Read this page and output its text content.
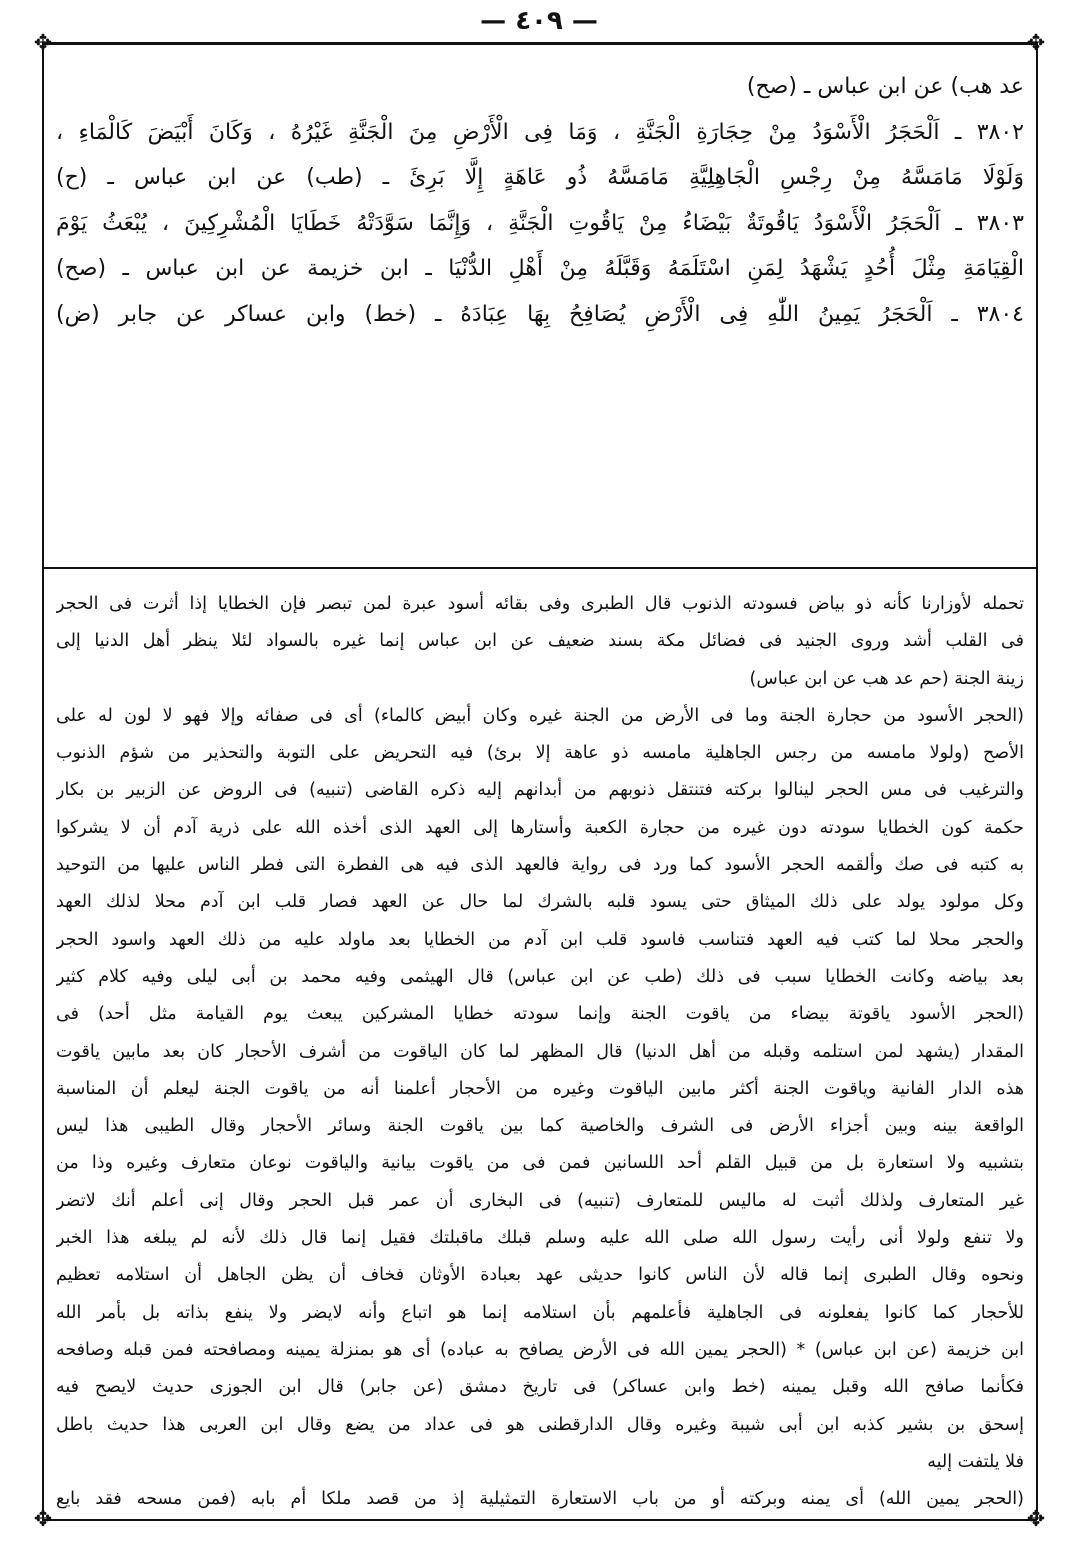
— ٤٠٩ —
✥	✥
✥	✥
عد هب) عن ابن عباس ـ (صح)
٣٨٠٢ ـ اَلْحَجَرُ الْأَسْوَدُ مِنْ حِجَارَةِ الْجَنَّةِ ، وَمَا فِى الْأَرْضِ مِنَ الْجَنَّةِ غَيْرُهُ ، وَكَانَ أَبْيَضَ كَالْمَاءِ ،
وَلَوْلَا مَامَسَّهُ مِنْ رِجْسِ الْجَاهِلِيَّةِ مَامَسَّهُ ذُو عَاهَةٍ إِلَّا بَرِئَ ـ (طب) عن ابن عباس ـ (ح)
٣٨٠٣ ـ اَلْحَجَرُ الْأَسْوَدُ يَاقُوتَةٌ بَيْضَاءُ مِنْ يَاقُوتِ الْجَنَّةِ ، وَإِنَّمَا سَوَّدَتْهُ خَطَايَا الْمُشْرِكِينَ ، يُبْعَثُ يَوْمَ
الْقِيَامَةِ مِثْلَ أُحُدٍ يَشْهَدُ لِمَنِ اسْتَلَمَهُ وَقَبَّلَهُ مِنْ أَهْلِ الدُّنْيَا ـ ابن خزيمة عن ابن عباس ـ (صح)
٣٨٠٤ ـ اَلْحَجَرُ يَمِينُ اللّٰهِ فِى الْأَرْضِ يُصَافِحُ بِهَا عِبَادَهُ ـ (خط) وابن عساكر عن جابر (ض)
تحمله لأوزارنا كأنه ذو بياض فسودته الذنوب قال الطبرى وفى بقائه أسود عبرة لمن تبصر فإن الخطايا إذا أثرت فى الحجر
فى القلب أشد وروى الجنيد فى فضائل مكة بسند ضعيف عن ابن عباس إنما غيره بالسواد لئلا ينظر أهل الدنيا إلى
زينة الجنة (حم عد هب عن ابن عباس)
(الحجر الأسود من حجارة الجنة وما فى الأرض من الجنة غيره وكان أبيض كالماء) أى فى صفائه وإلا فهو لا لون له على
الأصح (ولولا مامسه من رجس الجاهلية مامسه ذو عاهة إلا برئ) فيه التحريض على التوبة والتحذير من شؤم الذنوب
والترغيب فى مس الحجر لينالوا بركته فتنتقل ذنوبهم من أبدانهم إليه ذكره القاضى (تنبيه) فى الروض عن الزبير بن بكار
حكمة كون الخطايا سودته دون غيره من حجارة الكعبة وأستارها إلى العهد الذى أخذه الله على ذرية آدم أن لا يشركوا
به كتبه فى صك وألقمه الحجر الأسود كما ورد فى رواية فالعهد الذى فيه هى الفطرة التى فطر الناس عليها من التوحيد
وكل مولود يولد على ذلك الميثاق حتى يسود قلبه بالشرك لما حال عن العهد فصار قلب ابن آدم محلا لذلك العهد
والحجر محلا لما كتب فيه العهد فتناسب فاسود قلب ابن آدم من الخطايا بعد ماولد عليه من ذلك العهد واسود الحجر
بعد بياضه وكانت الخطايا سبب فى ذلك (طب عن ابن عباس) قال الهيثمى وفيه محمد بن أبى ليلى وفيه كلام كثير
(الحجر الأسود ياقوتة بيضاء من ياقوت الجنة وإنما سودته خطايا المشركين يبعث يوم القيامة مثل أحد) فى
المقدار (يشهد لمن استلمه وقبله من أهل الدنيا) قال المظهر لما كان الياقوت من أشرف الأحجار كان بعد مابين ياقوت
هذه الدار الفانية وياقوت الجنة أكثر مابين الياقوت وغيره من الأحجار أعلمنا أنه من ياقوت الجنة ليعلم أن المناسبة
الواقعة بينه وبين أجزاء الأرض فى الشرف والخاصية كما بين ياقوت الجنة وسائر الأحجار وقال الطيبى هذا ليس
بتشبيه ولا استعارة بل من قبيل القلم أحد اللسانين فمن فى من ياقوت بيانية والياقوت نوعان متعارف وغيره وذا من
غير المتعارف ولذلك أثبت له ماليس للمتعارف (تنبيه) فى البخارى أن عمر قبل الحجر وقال إنى أعلم أنك لاتضر
ولا تنفع ولولا أنى رأيت رسول الله صلى الله عليه وسلم قبلك ماقبلتك فقيل إنما قال ذلك لأنه لم يبلغه هذا الخبر
ونحوه وقال الطبرى إنما قاله لأن الناس كانوا حديثى عهد بعبادة الأوثان فخاف أن يظن الجاهل أن استلامه تعظيم
للأحجار كما كانوا يفعلونه فى الجاهلية فأعلمهم بأن استلامه إنما هو اتباع وأنه لايضر ولا ينفع بذاته بل بأمر الله
ابن خزيمة (عن ابن عباس) * (الحجر يمين الله فى الأرض يصافح به عباده) أى هو بمنزلة يمينه ومصافحته فمن قبله وصافحه
فكأنما صافح الله وقبل يمينه (خط وابن عساكر) فى تاريخ دمشق (عن جابر) قال ابن الجوزى حديث لايصح فيه
إسحق بن بشير كذبه ابن أبى شيبة وغيره وقال الدارقطنى هو فى عداد من يضع وقال ابن العربى هذا حديث باطل
فلا يلتفت إليه
(الحجر يمين الله) أى يمنه وبركته أو من باب الاستعارة التمثيلية إذ من قصد ملكا أم بابه (فمن مسحه فقد بايع
